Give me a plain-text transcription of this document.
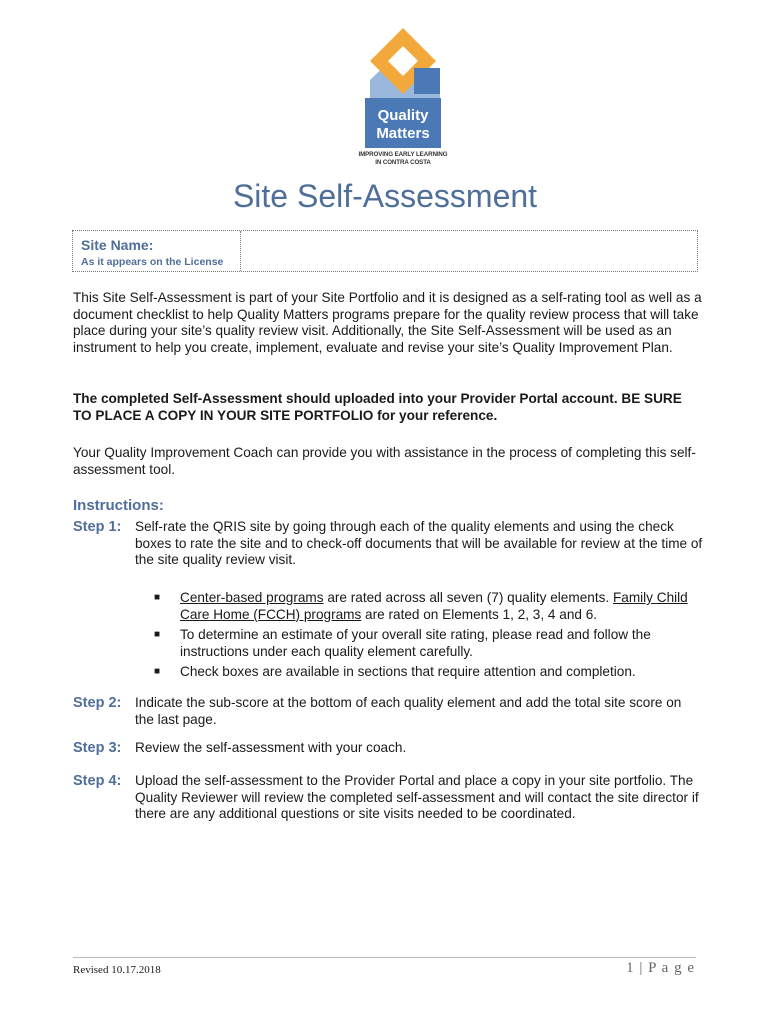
Quality
Matters
IMPROVING EARLY LEARNING
IN CONTRA COSTA
Site Self-Assessment
Site Name:
As it appears on the License
This Site Self-Assessment is part of your Site Portfolio and it is designed as a self-rating tool as well as a document checklist to help Quality Matters programs prepare for the quality review process that will take place during your site’s quality review visit. Additionally, the Site Self-Assessment will be used as an instrument to help you create, implement, evaluate and revise your site’s Quality Improvement Plan.
The completed Self-Assessment should uploaded into your Provider Portal account. BE SURE TO PLACE A COPY IN YOUR SITE PORTFOLIO for your reference.
Your Quality Improvement Coach can provide you with assistance in the process of completing this self-assessment tool.
Instructions:
Step 1: Self-rate the QRIS site by going through each of the quality elements and using the check boxes to rate the site and to check-off documents that will be available for review at the time of the site quality review visit.
■ Center-based programs are rated across all seven (7) quality elements. Family Child Care Home (FCCH) programs are rated on Elements 1, 2, 3, 4 and 6.
■ To determine an estimate of your overall site rating, please read and follow the instructions under each quality element carefully.
■ Check boxes are available in sections that require attention and completion.
Step 2: Indicate the sub-score at the bottom of each quality element and add the total site score on the last page.
Step 3: Review the self-assessment with your coach.
Step 4: Upload the self-assessment to the Provider Portal and place a copy in your site portfolio. The Quality Reviewer will review the completed self-assessment and will contact the site director if there are any additional questions or site visits needed to be coordinated.
Revised 10.17.2018	1 | P a g e
